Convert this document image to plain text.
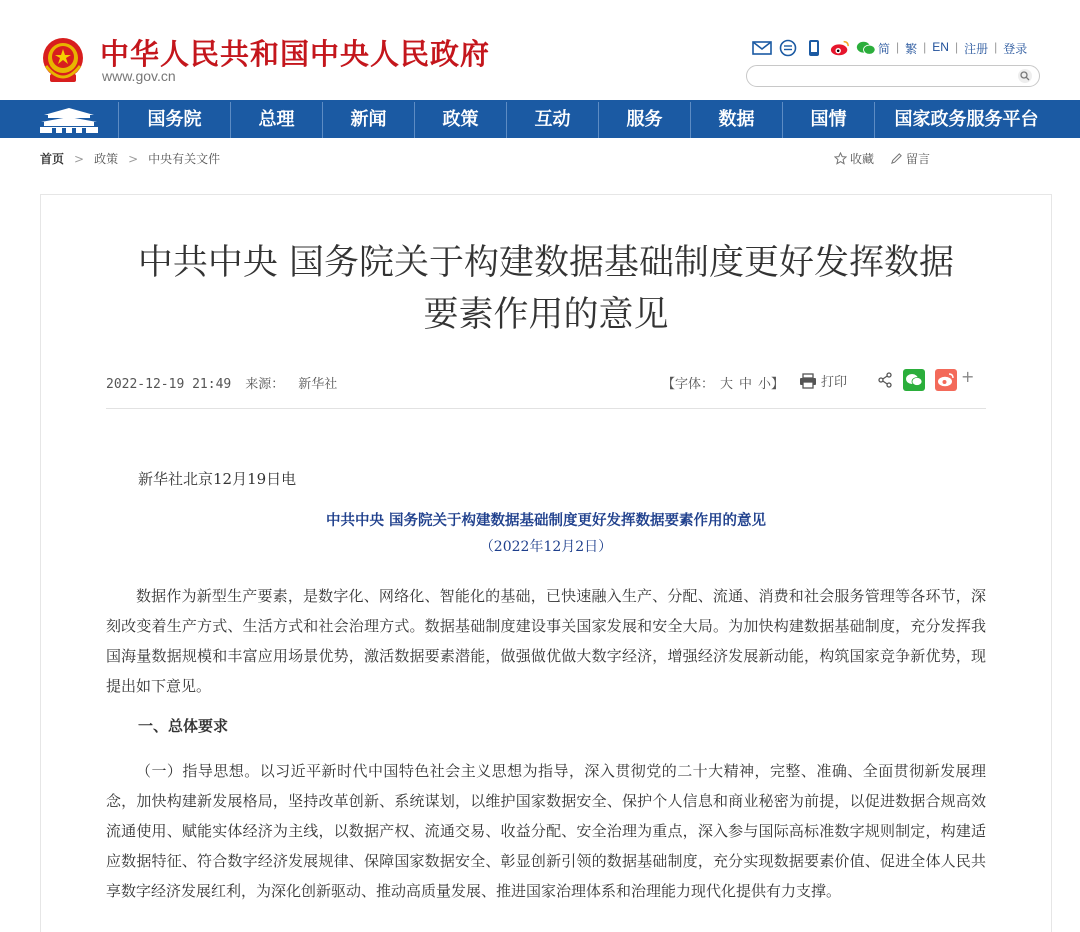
中华人民共和国中央人民政府
www.gov.cn
简 | 繁 | EN | 注册 | 登录
国务院	总理	新闻	政策	互动	服务	数据	国情	国家政务服务平台
首页 > 政策 > 中央有关文件	收藏	留言
中共中央 国务院关于构建数据基础制度更好发挥数据
要素作用的意见
2022-12-19 21:49 来源： 新华社	【字体： 大 中 小】	打印	+
新华社北京12月19日电
中共中央 国务院关于构建数据基础制度更好发挥数据要素作用的意见
（2022年12月2日）

数据作为新型生产要素，是数字化、网络化、智能化的基础，已快速融入生产、分配、流通、消费和社会服务管理等各环节，深刻改变着生产方式、生活方式和社会治理方式。数据基础制度建设事关国家发展和安全大局。为加快构建数据基础制度，充分发挥我国海量数据规模和丰富应用场景优势，激活数据要素潜能，做强做优做大数字经济，增强经济发展新动能，构筑国家竞争新优势，现提出如下意见。

一、总体要求

（一）指导思想。以习近平新时代中国特色社会主义思想为指导，深入贯彻党的二十大精神，完整、准确、全面贯彻新发展理念，加快构建新发展格局，坚持改革创新、系统谋划，以维护国家数据安全、保护个人信息和商业秘密为前提，以促进数据合规高效流通使用、赋能实体经济为主线，以数据产权、流通交易、收益分配、安全治理为重点，深入参与国际高标准数字规则制定，构建适应数据特征、符合数字经济发展规律、保障国家数据安全、彰显创新引领的数据基础制度，充分实现数据要素价值、促进全体人民共享数字经济发展红利，为深化创新驱动、推动高质量发展、推进国家治理体系和治理能力现代化提供有力支撑。
